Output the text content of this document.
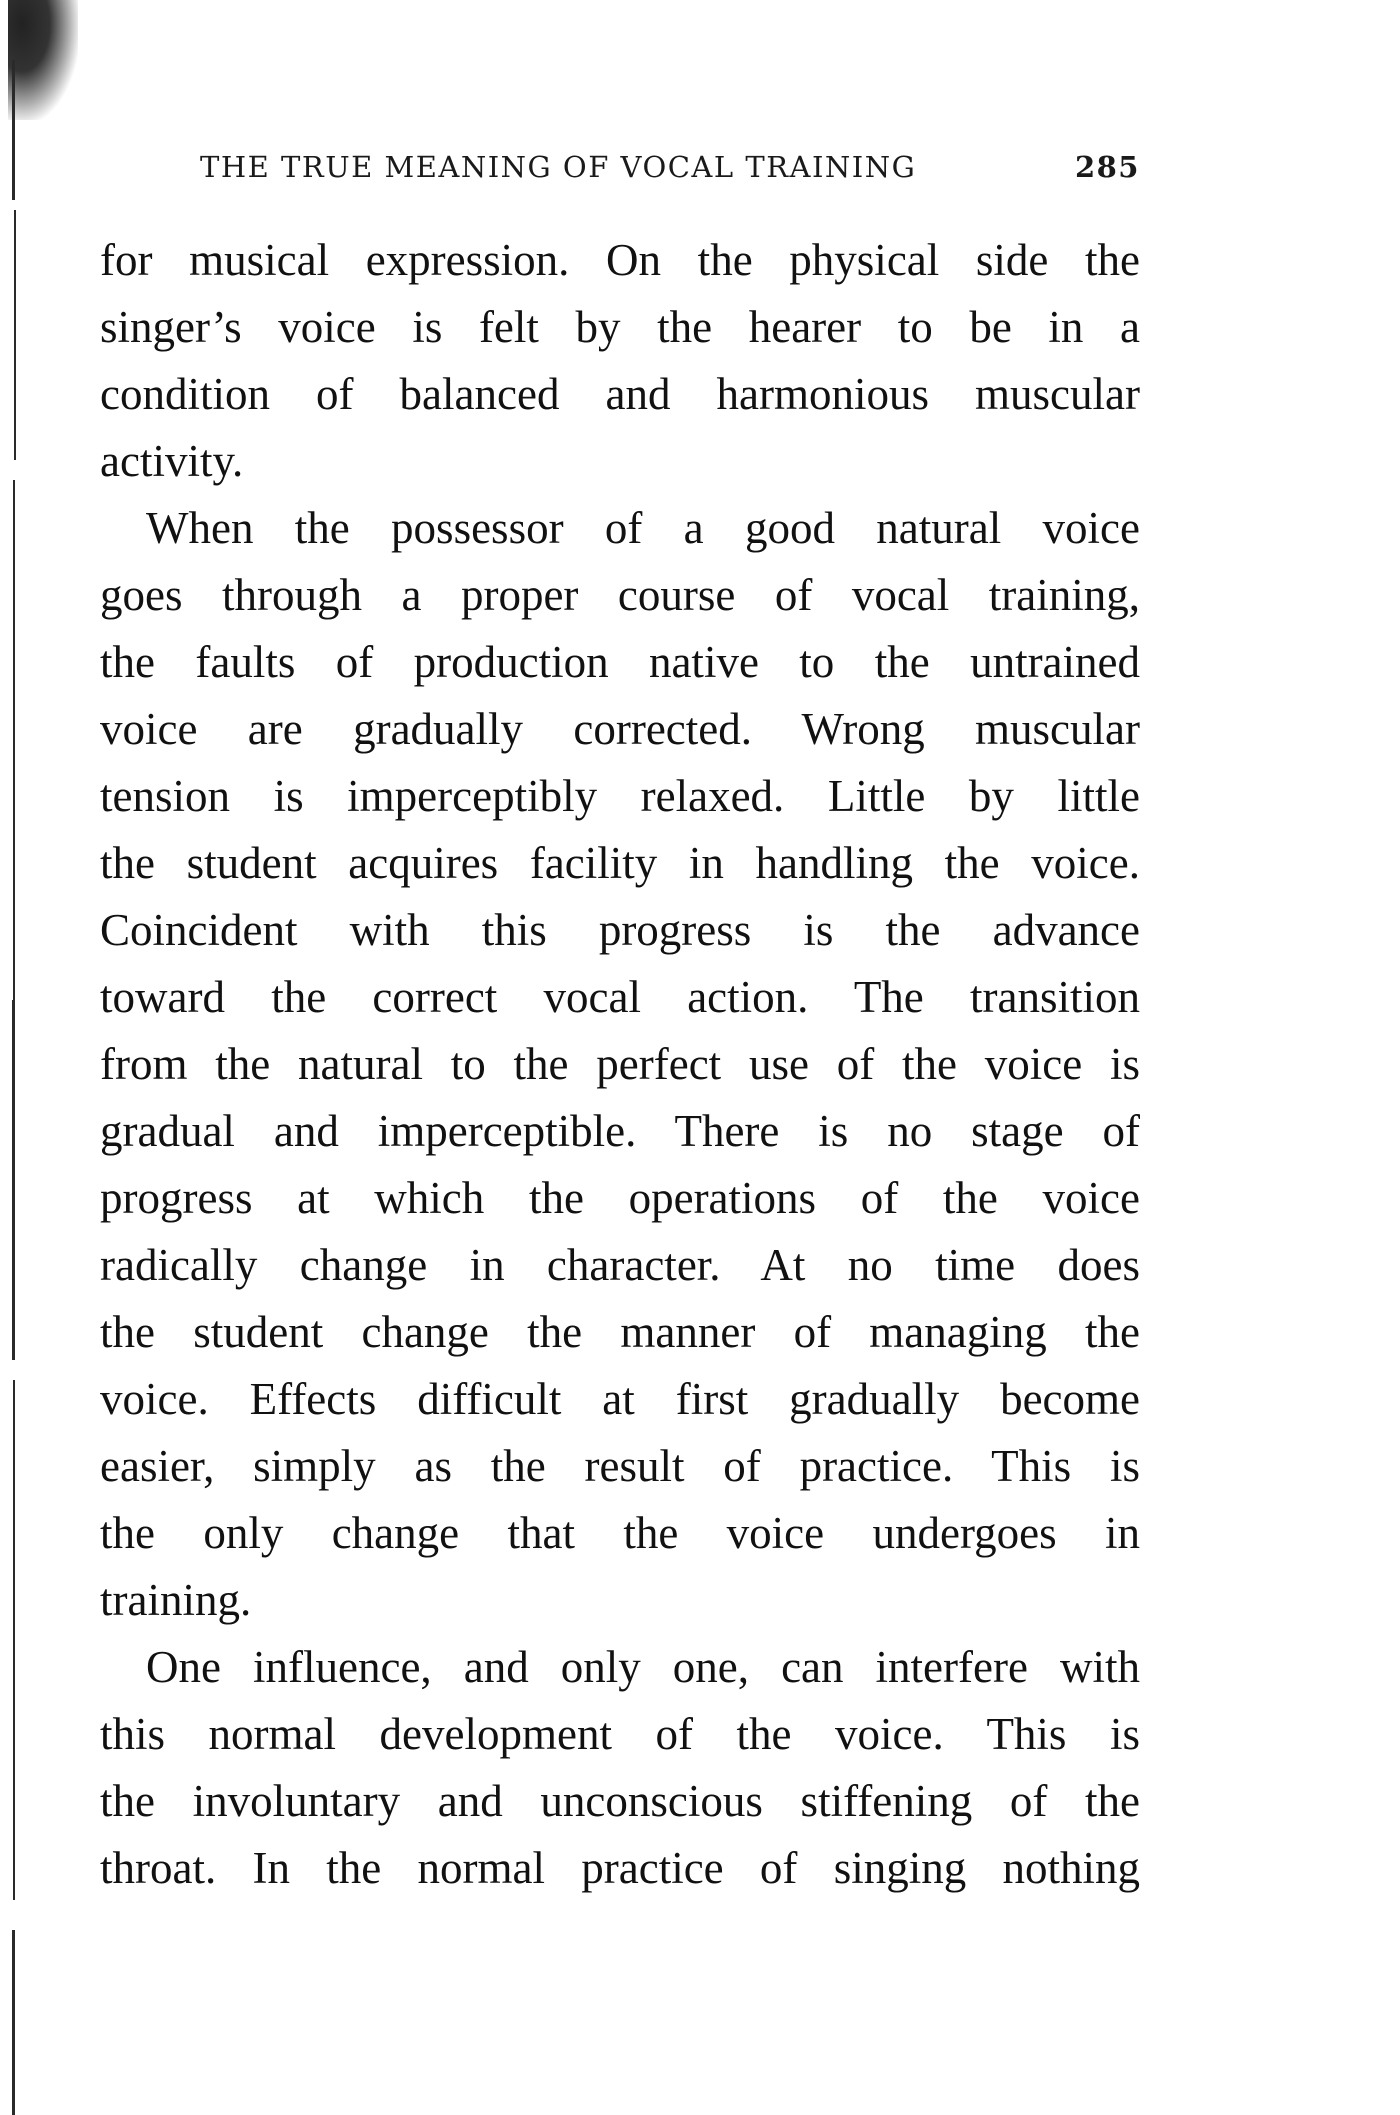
THE TRUE MEANING OF VOCAL TRAINING	285
for musical expression. On the physical side the
singer’s voice is felt by the hearer to be in a
condition of balanced and harmonious muscular
activity.
When the possessor of a good natural voice
goes through a proper course of vocal training,
the faults of production native to the untrained
voice are gradually corrected. Wrong muscular
tension is imperceptibly relaxed. Little by little
the student acquires facility in handling the voice.
Coincident with this progress is the advance
toward the correct vocal action. The transition
from the natural to the perfect use of the voice is
gradual and imperceptible. There is no stage of
progress at which the operations of the voice
radically change in character. At no time does
the student change the manner of managing the
voice. Effects difficult at first gradually become
easier, simply as the result of practice. This is
the only change that the voice undergoes in
training.
One influence, and only one, can interfere with
this normal development of the voice. This is
the involuntary and unconscious stiffening of the
throat. In the normal practice of singing nothing
